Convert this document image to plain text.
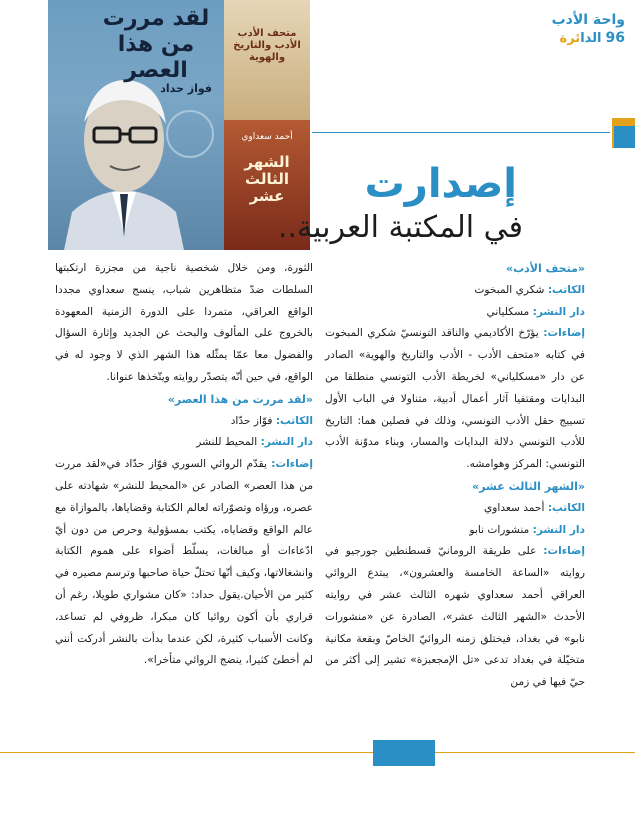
واحة الأدب
96
الدائرة
لقد مررت من هذا العصر
فواز حداد
متحف الأدب الأدب والتاريخ والهوية
أحمد سعداوي
الشهر الثالث عشر	إصدارت
في المكتبة العربية..

«متحف الأدب»

الكاتب: شكري المبخوت

دار النشر: مسكلياني

إضاءات: يؤرّخ الأكاديمي والناقد التونسيّ شكري المبخوت في كتابه «متحف الأدب - الأدب والتاريخ والهوية» الصادر عن دار «مسكلياني» لخريطة الأدب التونسي منطلقا من البدايات ومقتفيا آثار أعمال أدبية، متناولا في الباب الأول تسييج حقل الأدب التونسي، وذلك في فصلين هما: التاريخ للأدب التونسي دلالة البدايات والمسار، وبناء مدوّنة الأدب التونسي: المركز وهوامشه.

«الشهر الثالث عشر»

الكاتب: أحمد سعداوي

دار النشر: منشورات نابو

إضاءات: على طريقة الرومانيّ قسطنطين جورجيو في روايته «الساعة الخامسة والعشرون»، يبتدع الروائي العراقي أحمد سعداوي شهره الثالث عشر في روايته الأحدث «الشهر الثالث عشر»، الصادرة عن «منشورات نابو» في بغداد، فيختلق زمنه الروائيّ الخاصّ وبقعة مكانية متخيّلة في بغداد تدعى «تل الإمجعبزة» تشير إلى أكثر من حيّ فيها في زمن

الثورة، ومن خلال شخصية ناجية من مجزرة ارتكبتها السلطات ضدّ متظاهرين شباب، ينسج سعداوي مجددا الواقع العراقي، متمردا على الدورة الزمنية المعهودة بالخروج على المألوف والبحث عن الجديد وإثارة السؤال والفضول معا عمّا يمثّله هذا الشهر الذي لا وجود له في الواقع، في حين أنّه يتصدّر روايته ويتّخذها عنوانا.

«لقد مررت من هذا العصر»

الكاتب: فوّاز حدّاد

دار النشر: المحيط للنشر

إضاءات: يقدّم الروائي السوري فوّاز حدّاد في«لقد مررت من هذا العصر» الصادر عن «المحيط للنشر» شهادته على عصره، ورؤاه وتصوّراته لعالم الكتابة وقضاياها، بالموازاة مع عالم الواقع وقضاياه، يكتب بمسؤولية وحرص من دون أيّ ادّعاءات أو مبالغات، يسلّط أضواء على هموم الكتابة وانشغالاتها، وكيف أنّها تحتلّ حياة صاحبها وترسم مصيره في كثير من الأحيان.يقول حداد: «كان مشواري طويلا، رغم أن قراري بأن أكون روائيا كان مبكرا، ظروفي لم تساعد، وكانت الأسباب كثيرة، لكن عندما بدأت بالنشر أدركت أنني لم أخطئ كثيرا، ينضج الروائي متأخرا».
